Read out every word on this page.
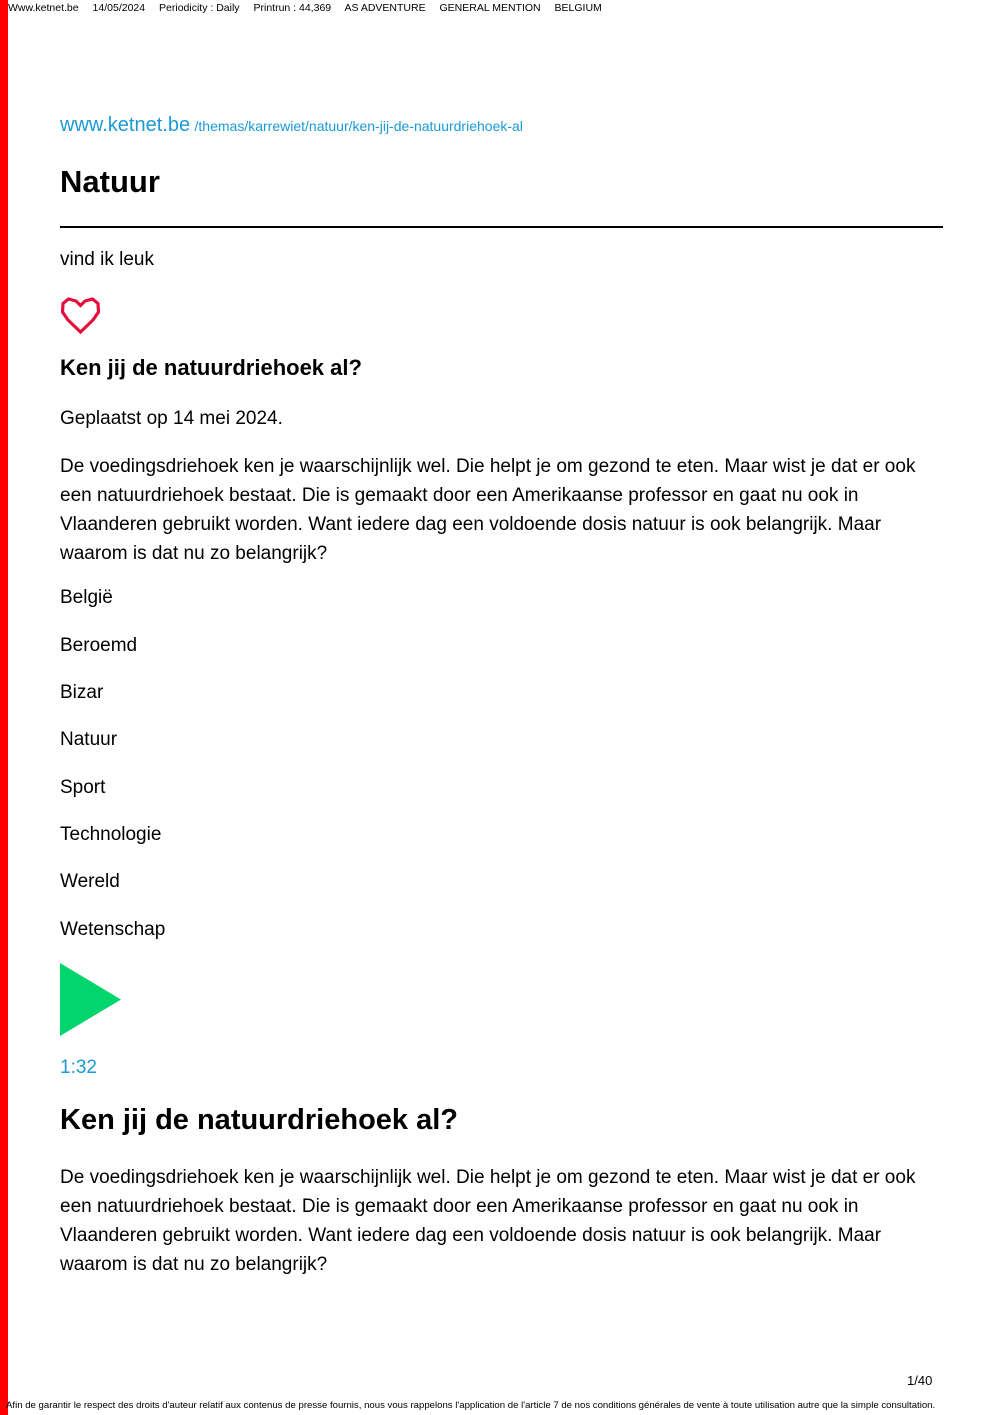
Www.ketnet.be 14/05/2024 Periodicity : Daily Printrun : 44,369 AS ADVENTURE GENERAL MENTION BELGIUM
www.ketnet.be /themas/karrewiet/natuur/ken-jij-de-natuurdriehoek-al
Natuur
vind ik leuk
Ken jij de natuurdriehoek al?
Geplaatst op 14 mei 2024.

De voedingsdriehoek ken je waarschijnlijk wel. Die helpt je om gezond te eten. Maar wist je dat er ook een natuurdriehoek bestaat. Die is gemaakt door een Amerikaanse professor en gaat nu ook in Vlaanderen gebruikt worden. Want iedere dag een voldoende dosis natuur is ook belangrijk. Maar waarom is dat nu zo belangrijk?

België
Beroemd
Bizar
Natuur
Sport
Technologie
Wereld
Wetenschap
1:32
Ken jij de natuurdriehoek al?

De voedingsdriehoek ken je waarschijnlijk wel. Die helpt je om gezond te eten. Maar wist je dat er ook een natuurdriehoek bestaat. Die is gemaakt door een Amerikaanse professor en gaat nu ook in Vlaanderen gebruikt worden. Want iedere dag een voldoende dosis natuur is ook belangrijk. Maar waarom is dat nu zo belangrijk?

1/40
Afin de garantir le respect des droits d'auteur relatif aux contenus de presse fournis, nous vous rappelons l'application de l'article 7 de nos conditions générales de vente à toute utilisation autre que la simple consultation.
